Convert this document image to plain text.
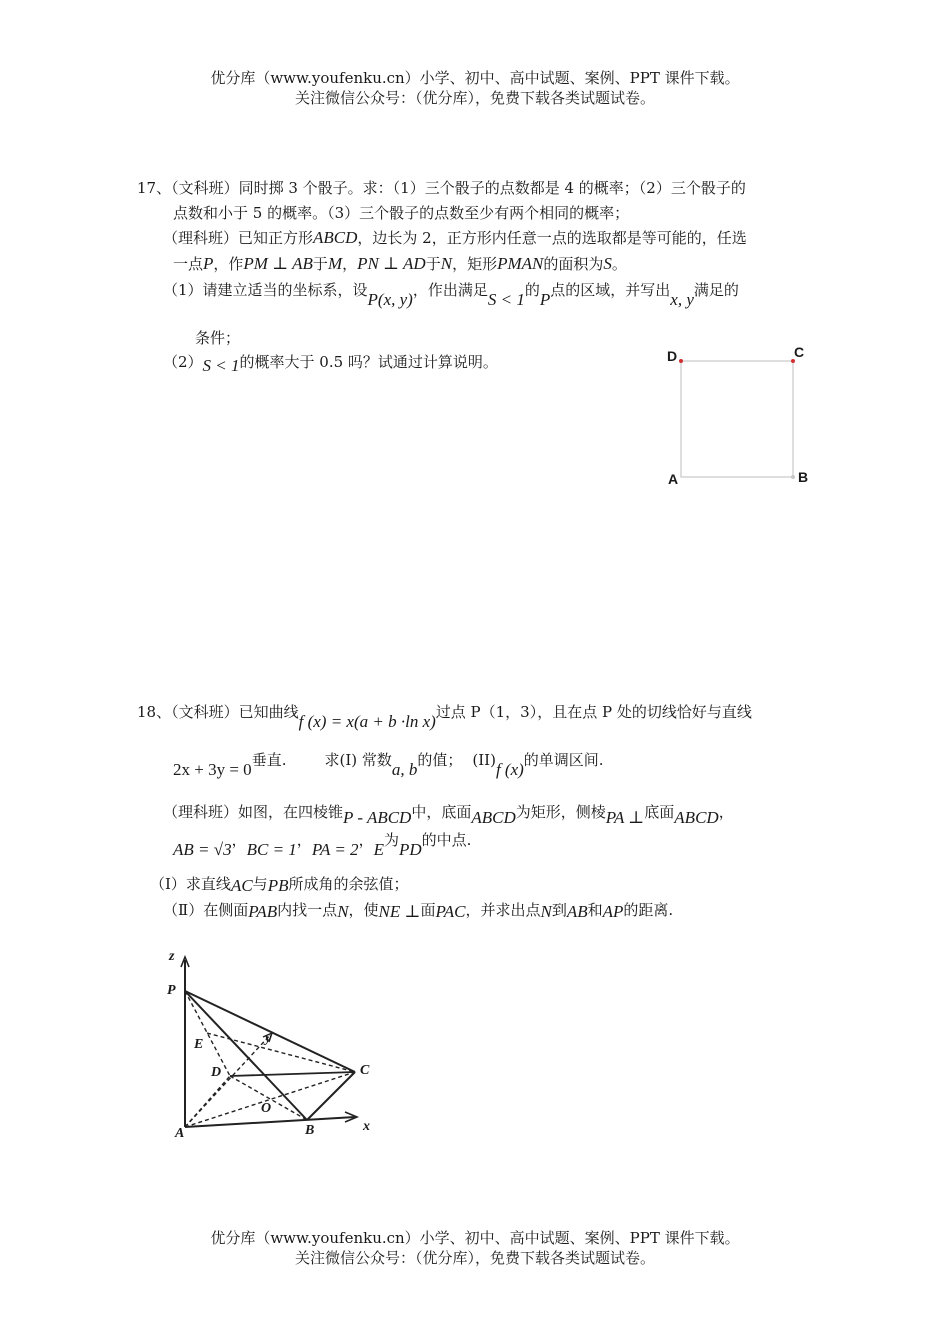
优分库（www.youfenku.cn）小学、初中、高中试题、案例、PPT 课件下载。
关注微信公众号：（优分库），免费下载各类试题试卷。
17、（文科班）同时掷 3 个骰子。求：（1）三个骰子的点数都是 4 的概率；（2）三个骰子的
点数和小于 5 的概率。（3）三个骰子的点数至少有两个相同的概率；
（理科班）已知正方形ABCD，边长为 2，正方形内任意一点的选取都是等可能的，任选
一点P，作PM ⊥ AB于M，PN ⊥ AD于N，矩形PMAN的面积为S。
（1）请建立适当的坐标系，设P(x, y)，作出满足S < 1的P点的区域，并写出x, y满足的
条件；
（2）S < 1的概率大于 0.5 吗？试通过计算说明。	D	C
A	B
18、（文科班）已知曲线f (x) = x(a + b ·ln x)过点 P（1，3），且在点 P 处的切线恰好与直线
2x + 3y = 0垂直.	求(I) 常数a, b的值； (II)f (x)的单调区间.
（理科班）如图，在四棱锥P - ABCD中，底面ABCD为矩形，侧棱PA ⊥底面ABCD，
AB = √3，BC = 1，PA = 2，E为PD的中点.
（Ⅰ）求直线AC与PB所成角的余弦值；
（Ⅱ）在侧面PAB内找一点N，使NE ⊥面PAC，并求出点N到AB和AP的距离.
z
y
x
P
E
D	C
O
A	B
优分库（www.youfenku.cn）小学、初中、高中试题、案例、PPT 课件下载。
关注微信公众号：（优分库），免费下载各类试题试卷。
